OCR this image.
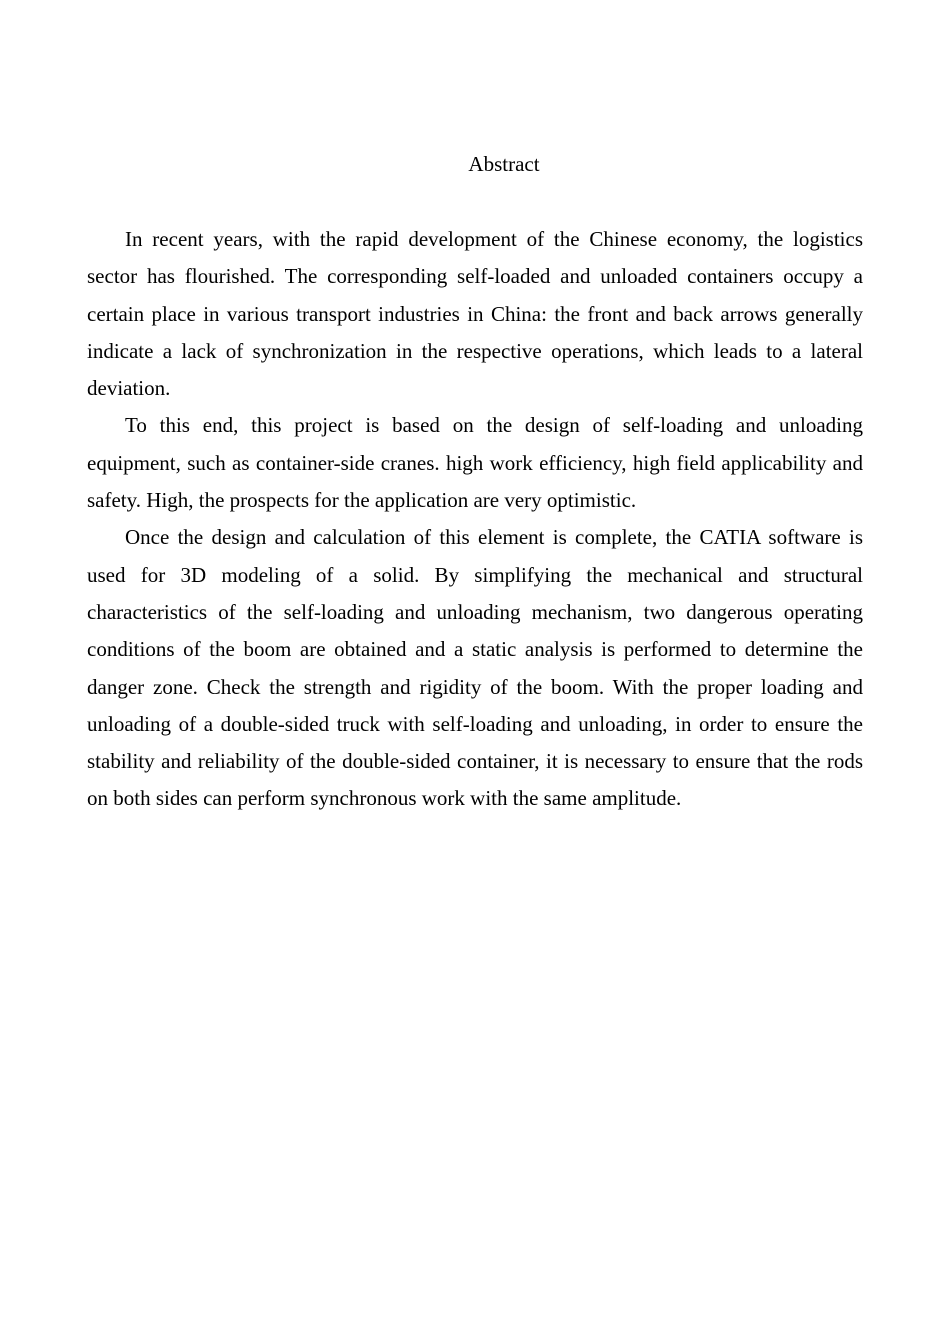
Abstract

In recent years, with the rapid development of the Chinese economy, the logistics sector has flourished. The corresponding self-loaded and unloaded containers occupy a certain place in various transport industries in China: the front and back arrows generally indicate a lack of synchronization in the respective operations, which leads to a lateral deviation.

To this end, this project is based on the design of self-loading and unloading equipment, such as container-side cranes. high work efficiency, high field applicability and safety. High, the prospects for the application are very optimistic.

Once the design and calculation of this element is complete, the CATIA software is used for 3D modeling of a solid. By simplifying the mechanical and structural characteristics of the self-loading and unloading mechanism, two dangerous operating conditions of the boom are obtained and a static analysis is performed to determine the danger zone. Check the strength and rigidity of the boom. With the proper loading and unloading of a double-sided truck with self-loading and unloading, in order to ensure the stability and reliability of the double-sided container, it is necessary to ensure that the rods on both sides can perform synchronous work with the same amplitude.
